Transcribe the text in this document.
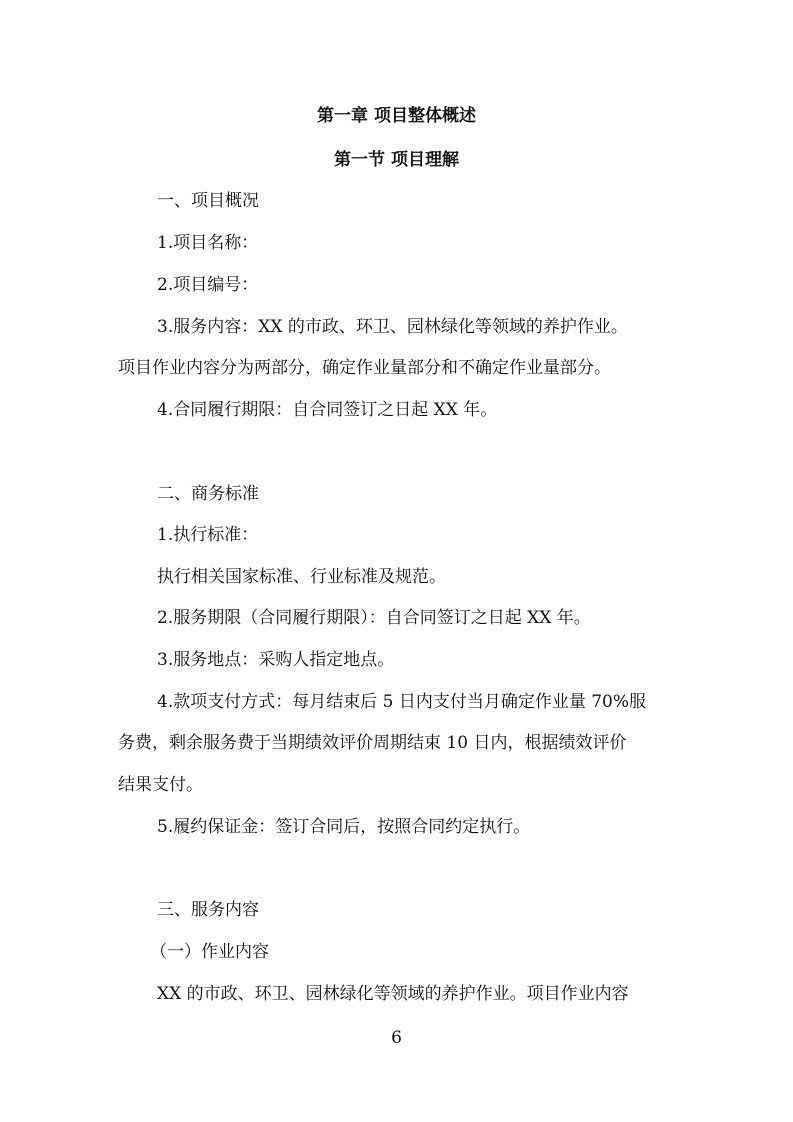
第一章 项目整体概述

第一节 项目理解

一、项目概况

1.项目名称：

2.项目编号：

3.服务内容：XX 的市政、环卫、园林绿化等领域的养护作业。

项目作业内容分为两部分，确定作业量部分和不确定作业量部分。

4.合同履行期限：自合同签订之日起 XX 年。

二、商务标准

1.执行标准：

执行相关国家标准、行业标准及规范。

2.服务期限（合同履行期限）：自合同签订之日起 XX 年。

3.服务地点：采购人指定地点。

4.款项支付方式：每月结束后 5 日内支付当月确定作业量 70%服

务费，剩余服务费于当期绩效评价周期结束 10 日内，根据绩效评价

结果支付。

5.履约保证金：签订合同后，按照合同约定执行。

三、服务内容

（一）作业内容

XX 的市政、环卫、园林绿化等领域的养护作业。项目作业内容

6
